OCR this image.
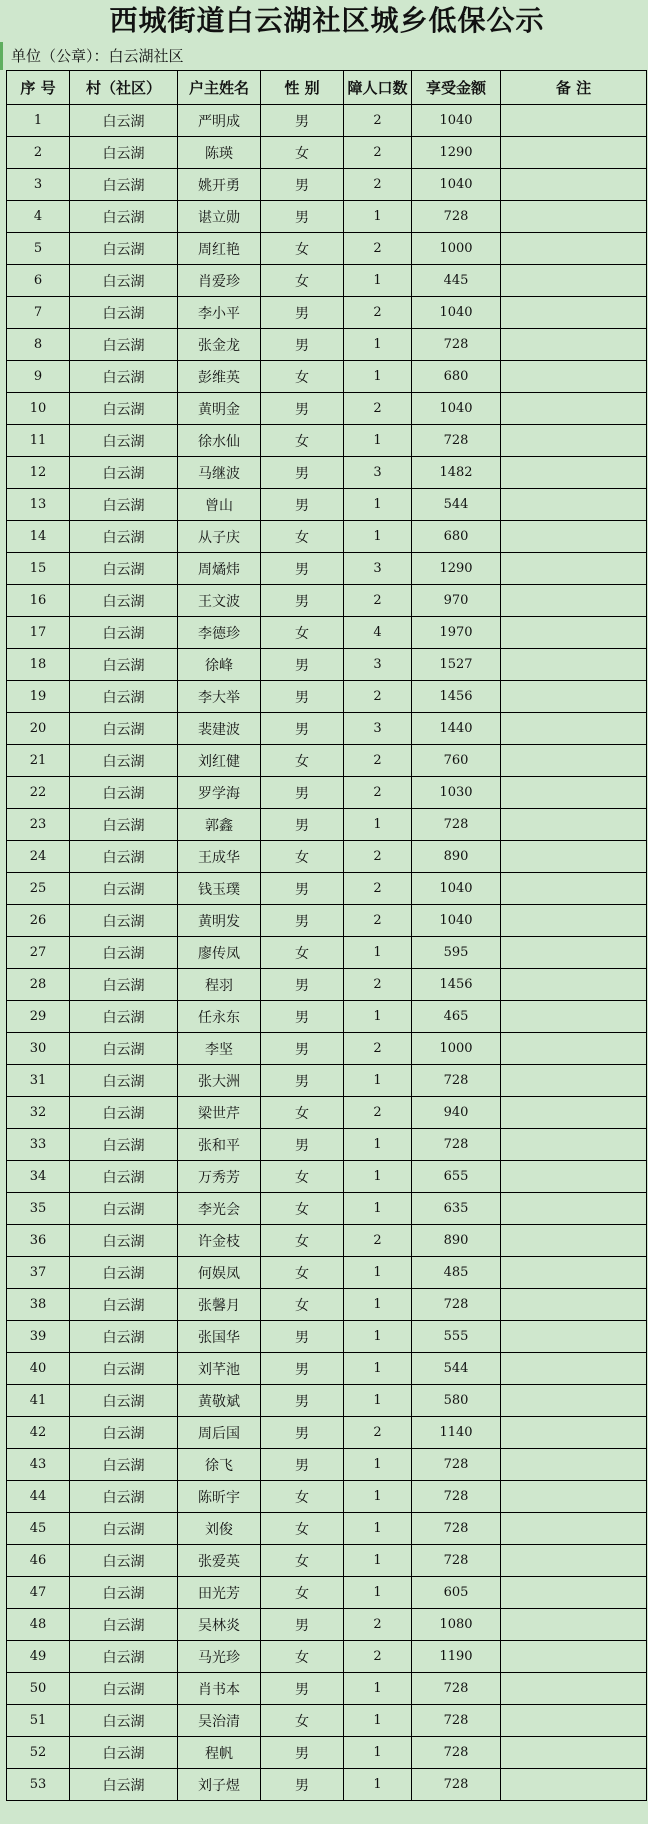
西城街道白云湖社区城乡低保公示
单位（公章）：白云湖社区
序 号	村（社区）	户主姓名	性 别	障人口数	享受金额	备 注
1	白云湖	严明成	男	2	1040	
2	白云湖	陈瑛	女	2	1290	
3	白云湖	姚开勇	男	2	1040	
4	白云湖	谌立勋	男	1	728	
5	白云湖	周红艳	女	2	1000	
6	白云湖	肖爱珍	女	1	445	
7	白云湖	李小平	男	2	1040	
8	白云湖	张金龙	男	1	728	
9	白云湖	彭维英	女	1	680	
10	白云湖	黄明金	男	2	1040	
11	白云湖	徐水仙	女	1	728	
12	白云湖	马继波	男	3	1482	
13	白云湖	曾山	男	1	544	
14	白云湖	从子庆	女	1	680	
15	白云湖	周燏炜	男	3	1290	
16	白云湖	王文波	男	2	970	
17	白云湖	李德珍	女	4	1970	
18	白云湖	徐峰	男	3	1527	
19	白云湖	李大举	男	2	1456	
20	白云湖	裴建波	男	3	1440	
21	白云湖	刘红健	女	2	760	
22	白云湖	罗学海	男	2	1030	
23	白云湖	郭鑫	男	1	728	
24	白云湖	王成华	女	2	890	
25	白云湖	钱玉璞	男	2	1040	
26	白云湖	黄明发	男	2	1040	
27	白云湖	廖传凤	女	1	595	
28	白云湖	程羽	男	2	1456	
29	白云湖	任永东	男	1	465	
30	白云湖	李坚	男	2	1000	
31	白云湖	张大洲	男	1	728	
32	白云湖	梁世芹	女	2	940	
33	白云湖	张和平	男	1	728	
34	白云湖	万秀芳	女	1	655	
35	白云湖	李光会	女	1	635	
36	白云湖	许金枝	女	2	890	
37	白云湖	何娱凤	女	1	485	
38	白云湖	张馨月	女	1	728	
39	白云湖	张国华	男	1	555	
40	白云湖	刘芊池	男	1	544	
41	白云湖	黄敬斌	男	1	580	
42	白云湖	周后国	男	2	1140	
43	白云湖	徐飞	男	1	728	
44	白云湖	陈昕宇	女	1	728	
45	白云湖	刘俊	女	1	728	
46	白云湖	张爱英	女	1	728	
47	白云湖	田光芳	女	1	605	
48	白云湖	吴林炎	男	2	1080	
49	白云湖	马光珍	女	2	1190	
50	白云湖	肖书本	男	1	728	
51	白云湖	吴治清	女	1	728	
52	白云湖	程帆	男	1	728	
53	白云湖	刘子煜	男	1	728	
